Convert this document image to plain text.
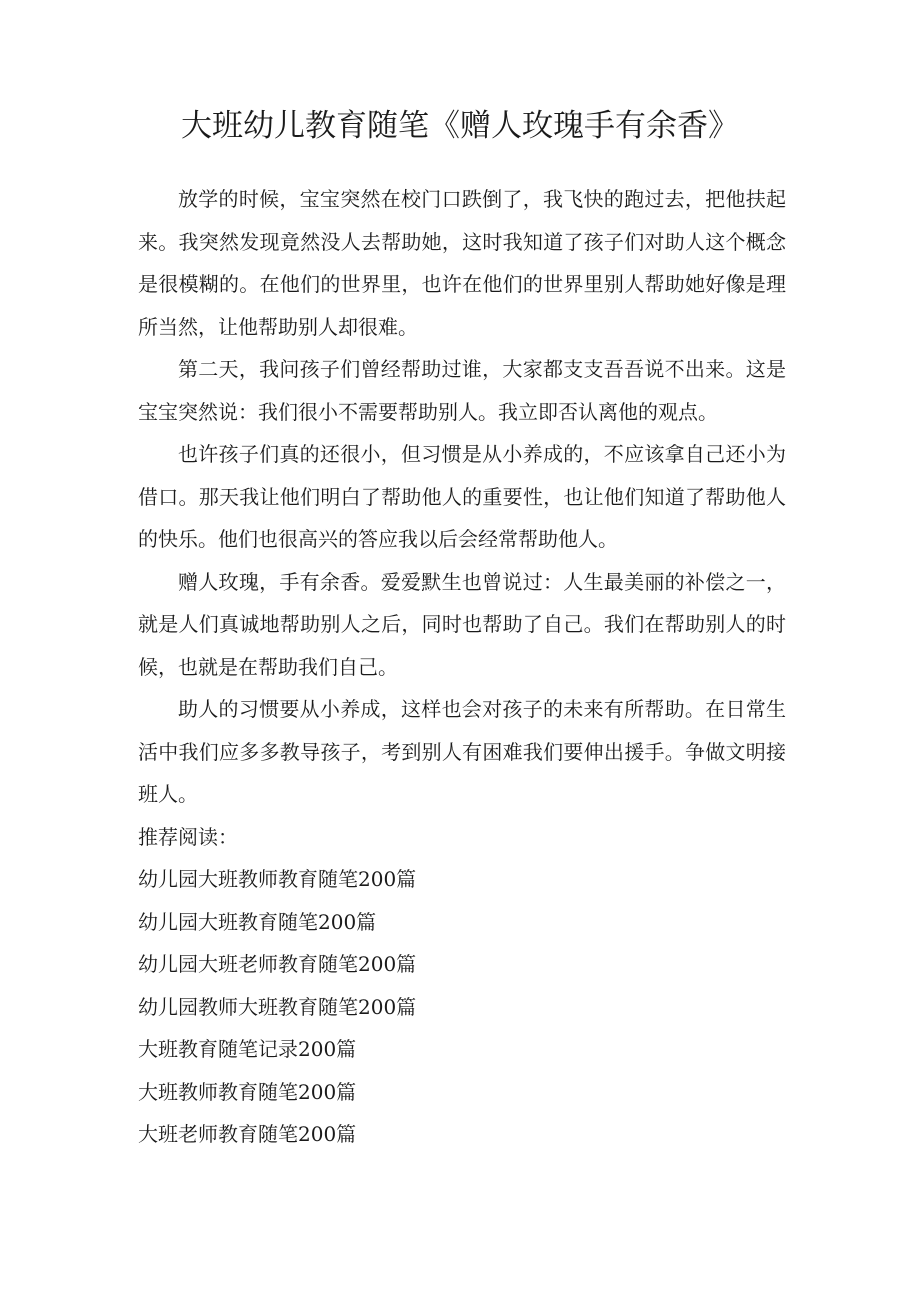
大班幼儿教育随笔《赠人玫瑰手有余香》

放学的时候，宝宝突然在校门口跌倒了，我飞快的跑过去，把他扶起来。我突然发现竟然没人去帮助她，这时我知道了孩子们对助人这个概念是很模糊的。在他们的世界里，也许在他们的世界里别人帮助她好像是理所当然，让他帮助别人却很难。

第二天，我问孩子们曾经帮助过谁，大家都支支吾吾说不出来。这是宝宝突然说：我们很小不需要帮助别人。我立即否认离他的观点。

也许孩子们真的还很小，但习惯是从小养成的，不应该拿自己还小为借口。那天我让他们明白了帮助他人的重要性，也让他们知道了帮助他人的快乐。他们也很高兴的答应我以后会经常帮助他人。

赠人玫瑰，手有余香。爱爱默生也曾说过：人生最美丽的补偿之一，就是人们真诚地帮助别人之后，同时也帮助了自己。我们在帮助别人的时候，也就是在帮助我们自己。

助人的习惯要从小养成，这样也会对孩子的未来有所帮助。在日常生活中我们应多多教导孩子，考到别人有困难我们要伸出援手。争做文明接班人。

推荐阅读：

幼儿园大班教师教育随笔200篇
幼儿园大班教育随笔200篇
幼儿园大班老师教育随笔200篇
幼儿园教师大班教育随笔200篇
大班教育随笔记录200篇
大班教师教育随笔200篇
大班老师教育随笔200篇
